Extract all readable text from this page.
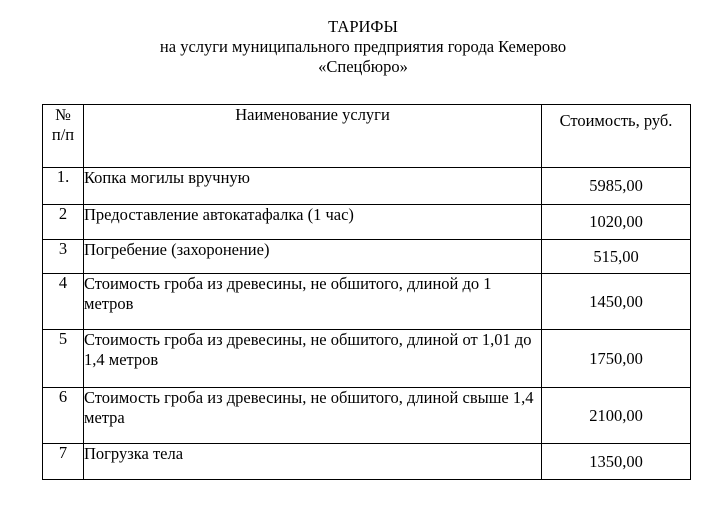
ТАРИФЫ
на услуги муниципального предприятия города Кемерово
«Спецбюро»
№
п/п	Наименование услуги	Стоимость, руб.
1.	Копка могилы вручную	5985,00
2	Предоставление автокатафалка (1 час)	1020,00
3	Погребение (захоронение)	515,00
4	Стоимость гроба из древесины, не обшитого, длиной до 1 метров	1450,00
5	Стоимость гроба из древесины, не обшитого, длиной от 1,01 до 1,4 метров	1750,00
6	Стоимость гроба из древесины, не обшитого, длиной свыше 1,4 метра	2100,00
7	Погрузка тела	1350,00
